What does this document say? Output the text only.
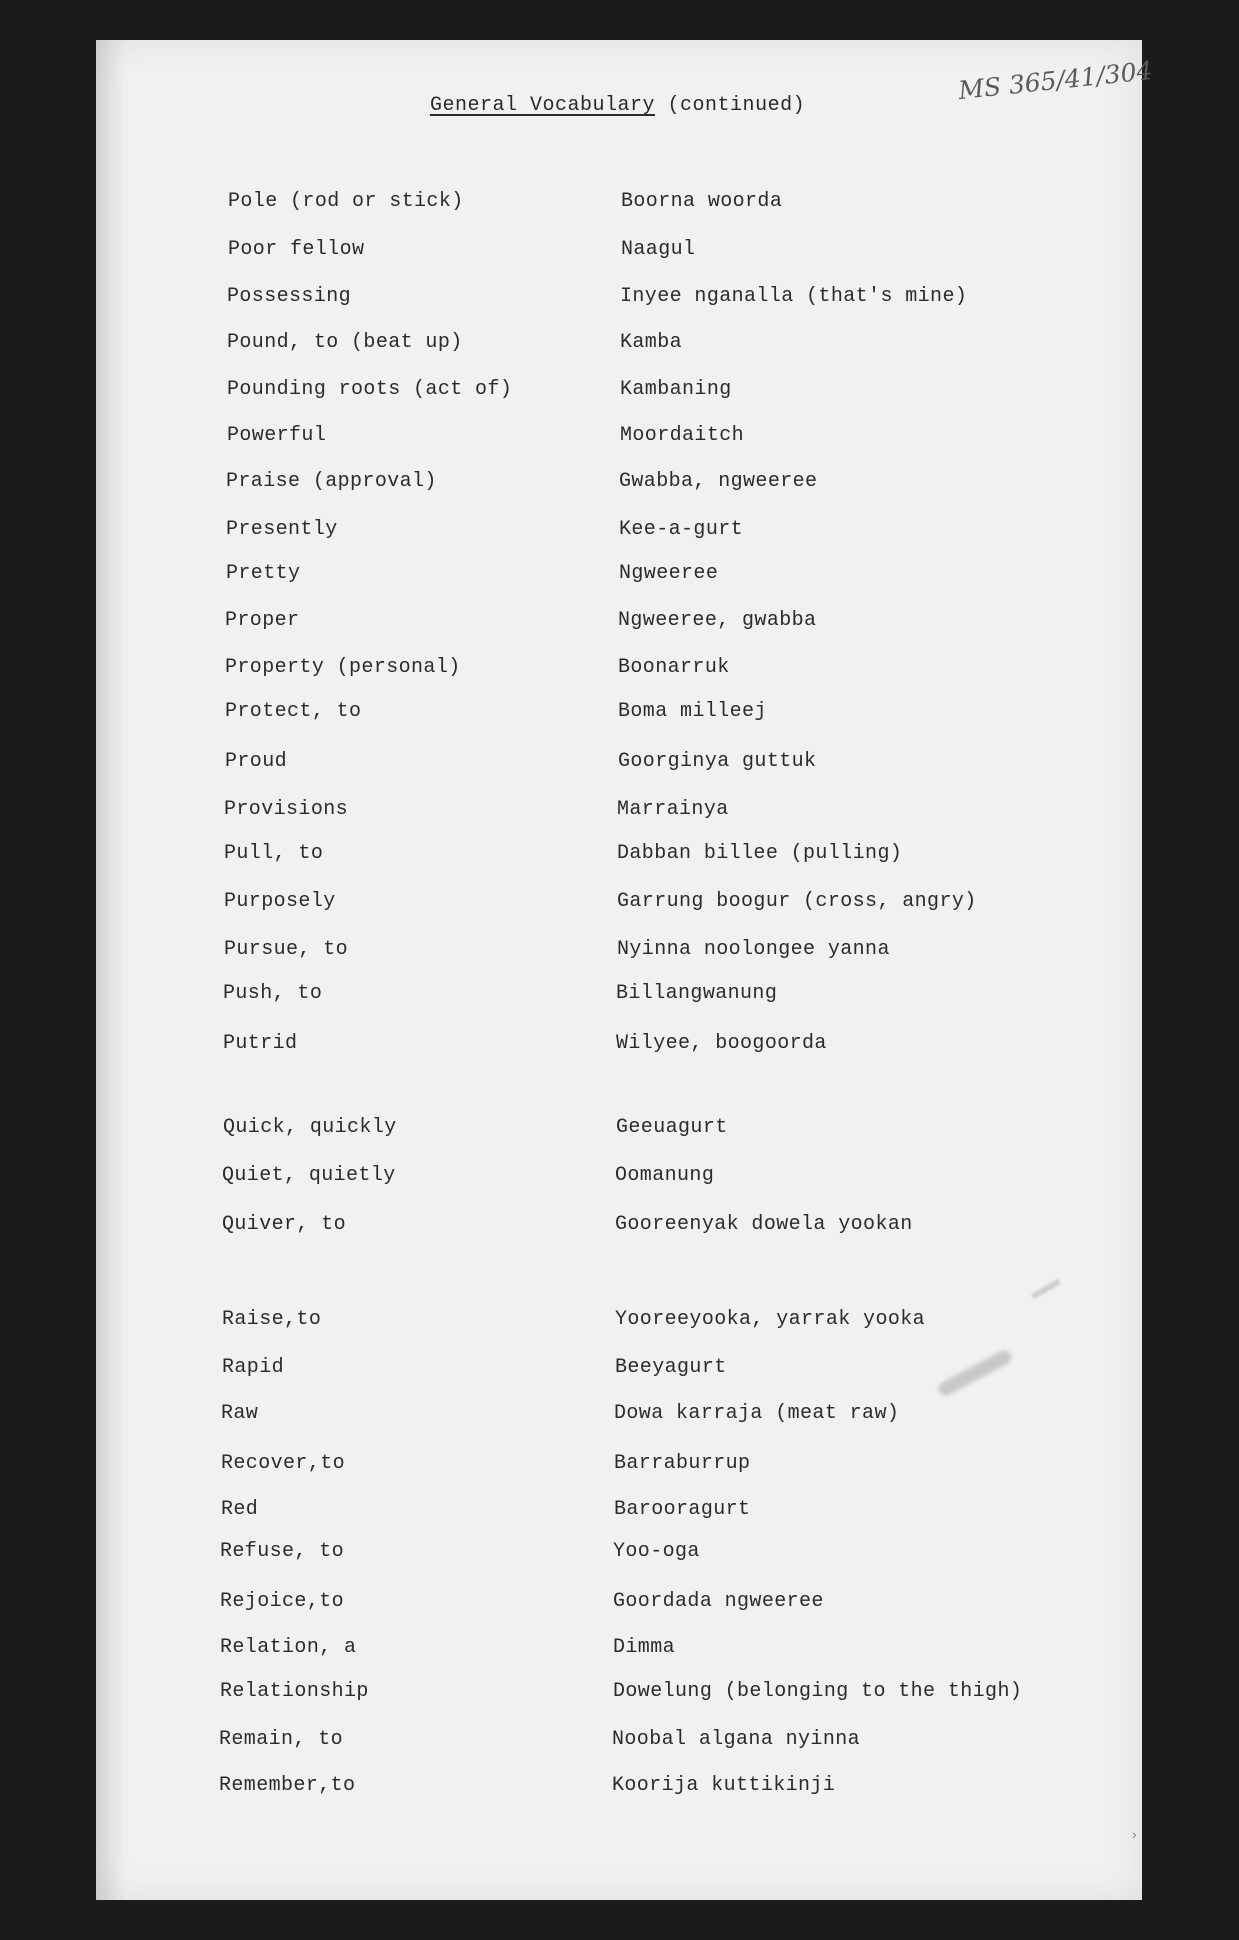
MS 365/41/304
General Vocabulary (continued)
Pole (rod or stick)	Boorna woorda
Poor fellow	Naagul
Possessing	Inyee nganalla (that's mine)
Pound, to (beat up)	Kamba
Pounding roots (act of)	Kambaning
Powerful	Moordaitch
Praise (approval)	Gwabba, ngweeree
Presently	Kee-a-gurt
Pretty	Ngweeree
Proper	Ngweeree, gwabba
Property (personal)	Boonarruk
Protect, to	Boma milleej
Proud	Goorginya guttuk
Provisions	Marrainya
Pull, to	Dabban billee (pulling)
Purposely	Garrung boogur (cross, angry)
Pursue, to	Nyinna noolongee yanna
Push, to	Billangwanung
Putrid	Wilyee, boogoorda
Quick, quickly	Geeuagurt
Quiet, quietly	Oomanung
Quiver, to	Gooreenyak dowela yookan
Raise,to	Yooreeyooka, yarrak yooka
Rapid	Beeyagurt
Raw	Dowa karraja (meat raw)
Recover,to	Barraburrup
Red	Barooragurt
Refuse, to	Yoo-oga
Rejoice,to	Goordada ngweeree
Relation, a	Dimma
Relationship	Dowelung (belonging to the thigh)
Remain, to	Noobal algana nyinna
Remember,to	Koorija kuttikinji
›
